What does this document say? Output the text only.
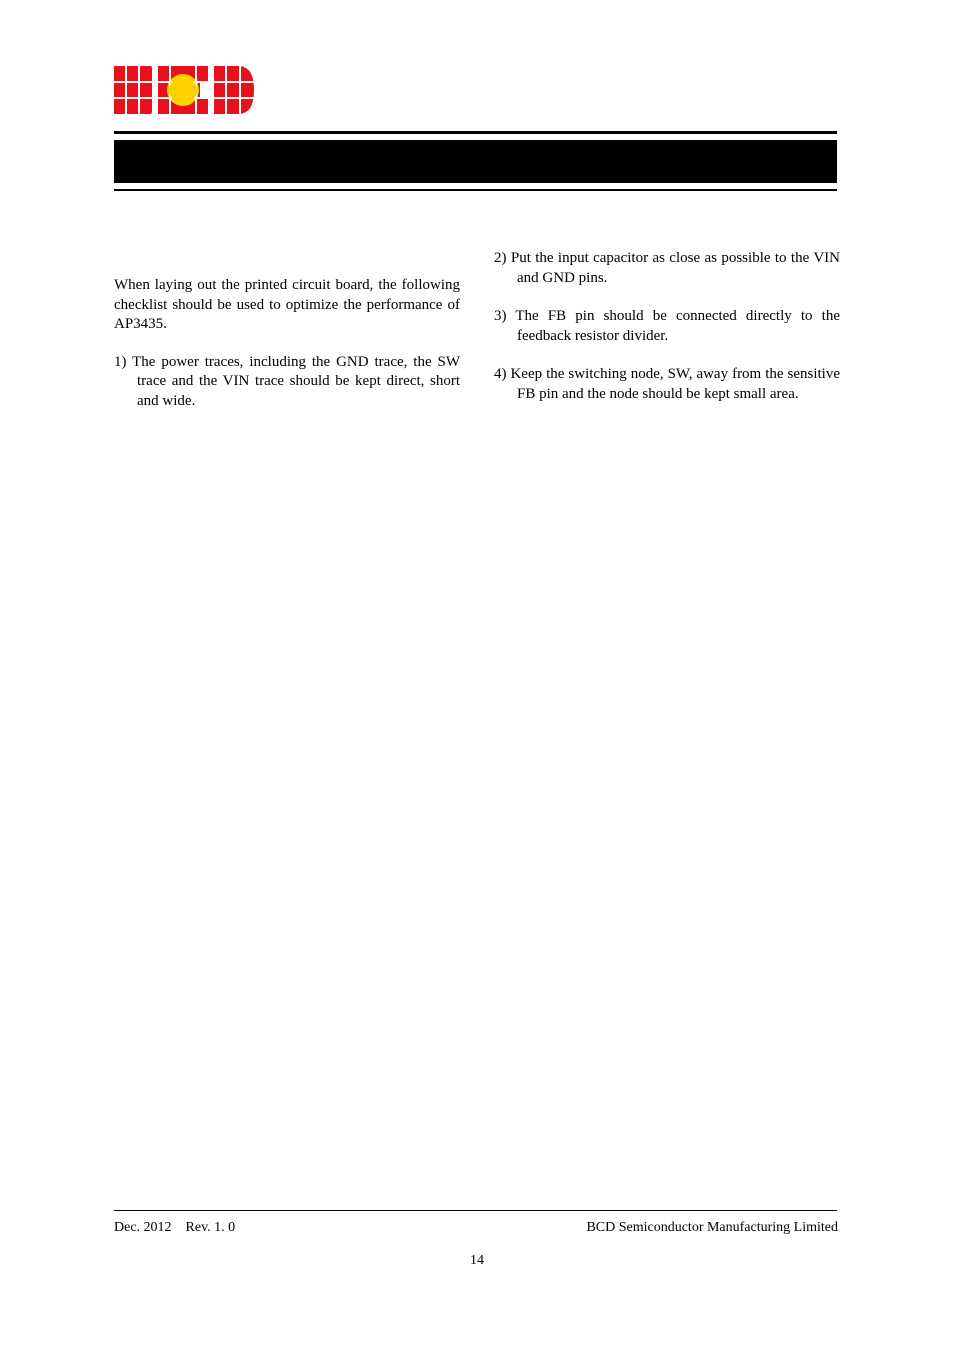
When laying out the printed circuit board, the following checklist should be used to optimize the performance of AP3435.

1) The power traces, including the GND trace, the SW trace and the VIN trace should be kept direct, short and wide.

2) Put the input capacitor as close as possible to the VIN and GND pins.

3) The FB pin should be connected directly to the feedback resistor divider.

4) Keep the switching node, SW, away from the sensitive FB pin and the node should be kept small area.

Dec. 2012    Rev. 1. 0	BCD Semiconductor Manufacturing Limited
14
